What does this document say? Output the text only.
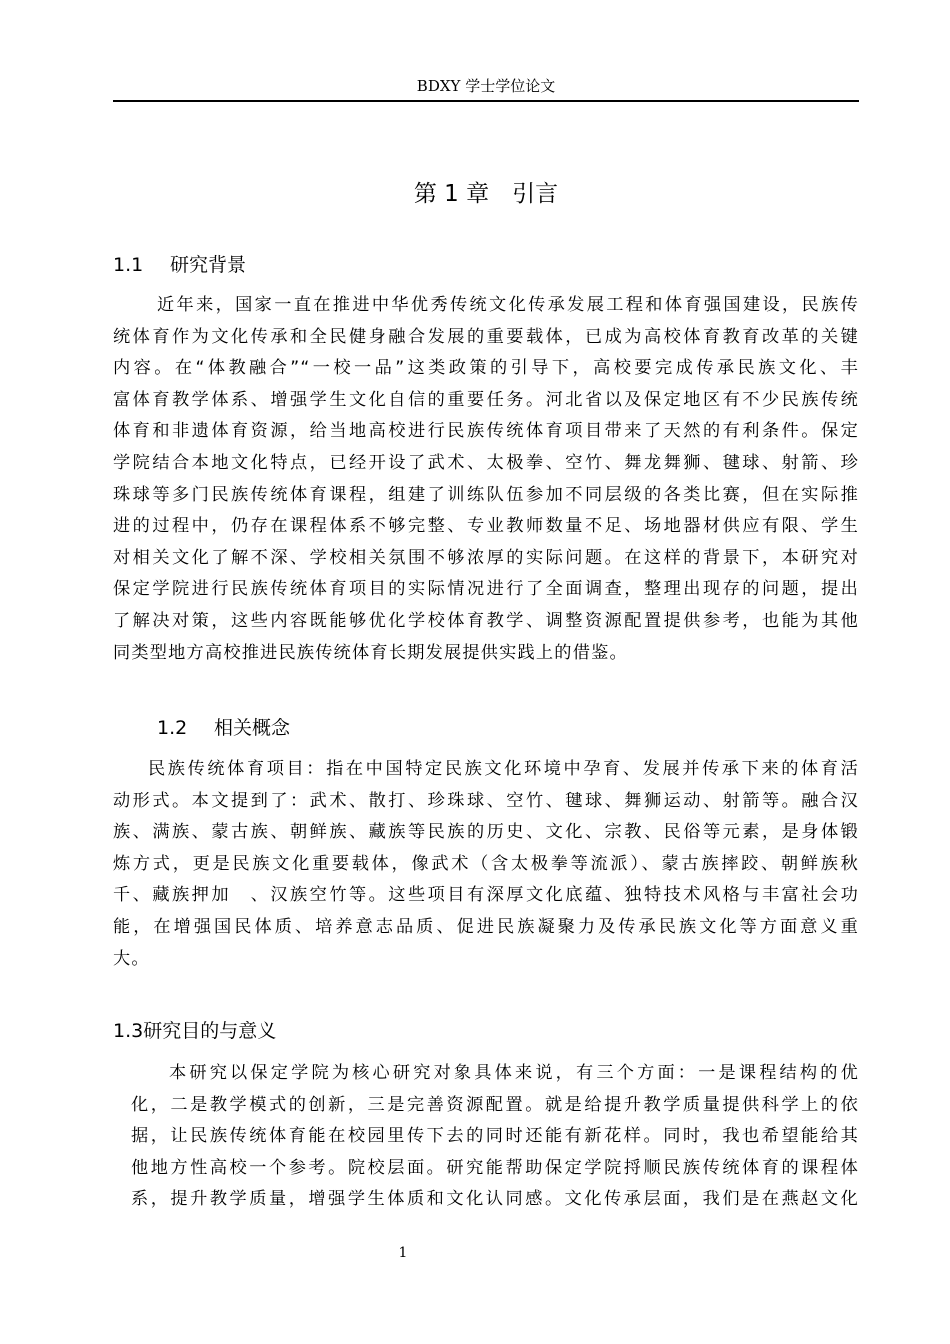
BDXY 学士学位论文
第 1 章　引言
1.1 研究背景
近年来，国家一直在推进中华优秀传统文化传承发展工程和体育强国建设，民族传
统体育作为文化传承和全民健身融合发展的重要载体，已成为高校体育教育改革的关键
内容。在“体教融合”“一校一品”这类政策的引导下，高校要完成传承民族文化、丰
富体育教学体系、增强学生文化自信的重要任务。河北省以及保定地区有不少民族传统
体育和非遗体育资源，给当地高校进行民族传统体育项目带来了天然的有利条件。保定
学院结合本地文化特点，已经开设了武术、太极拳、空竹、舞龙舞狮、毽球、射箭、珍
珠球等多门民族传统体育课程，组建了训练队伍参加不同层级的各类比赛，但在实际推
进的过程中，仍存在课程体系不够完整、专业教师数量不足、场地器材供应有限、学生
对相关文化了解不深、学校相关氛围不够浓厚的实际问题。在这样的背景下，本研究对
保定学院进行民族传统体育项目的实际情况进行了全面调查，整理出现存的问题，提出
了解决对策，这些内容既能够优化学校体育教学、调整资源配置提供参考，也能为其他
同类型地方高校推进民族传统体育长期发展提供实践上的借鉴。
1.2 相关概念
民族传统体育项目：指在中国特定民族文化环境中孕育、发展并传承下来的体育活
动形式。本文提到了：武术、散打、珍珠球、空竹、毽球、舞狮运动、射箭等。融合汉
族、满族、蒙古族、朝鲜族、藏族等民族的历史、文化、宗教、民俗等元素，是身体锻
炼方式，更是民族文化重要载体，像武术（含太极拳等流派）、蒙古族摔跤、朝鲜族秋
千、藏族押加　、汉族空竹等。这些项目有深厚文化底蕴、独特技术风格与丰富社会功
能，在增强国民体质、培养意志品质、促进民族凝聚力及传承民族文化等方面意义重
大。
1.3研究目的与意义
本研究以保定学院为核心研究对象具体来说，有三个方面：一是课程结构的优
化，二是教学模式的创新，三是完善资源配置。就是给提升教学质量提供科学上的依
据，让民族传统体育能在校园里传下去的同时还能有新花样。同时，我也希望能给其
他地方性高校一个参考。院校层面。研究能帮助保定学院捋顺民族传统体育的课程体
系，提升教学质量，增强学生体质和文化认同感。文化传承层面，我们是在燕赵文化
1
